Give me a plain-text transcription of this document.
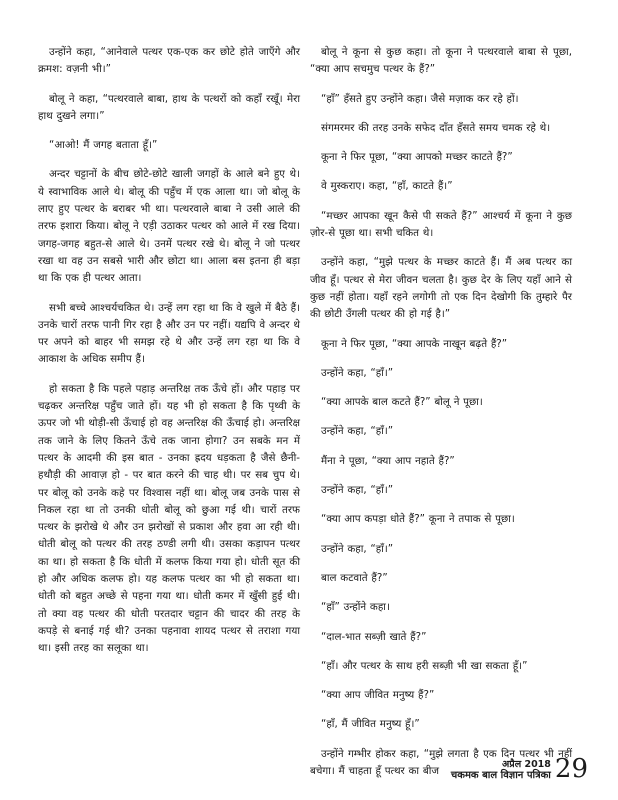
उन्होंने कहा, “आनेवाले पत्थर एक-एक कर छोटे होते जाएँगे और क्रमश: वज़नी भी।”

बोलू ने कहा, “पत्थरवाले बाबा, हाथ के पत्थरों को कहाँ रखूँ। मेरा हाथ दुखने लगा।”

“आओ! मैं जगह बताता हूँ।”

अन्दर चट्टानों के बीच छोटे-छोटे खाली जगहों के आले बने हुए थे। ये स्वाभाविक आले थे। बोलू की पहुँच में एक आला था। जो बोलू के लाए हुए पत्थर के बराबर भी था। पत्थरवाले बाबा ने उसी आले की तरफ इशारा किया। बोलू ने एड़ी उठाकर पत्थर को आले में रख दिया। जगह-जगह बहुत-से आले थे। उनमें पत्थर रखे थे। बोलू ने जो पत्थर रखा था वह उन सबसे भारी और छोटा था। आला बस इतना ही बड़ा था कि एक ही पत्थर आता।

सभी बच्चे आश्चर्यचकित थे। उन्हें लग रहा था कि वे खुले में बैठे हैं। उनके चारों तरफ पानी गिर रहा है और उन पर नहीं। यद्यपि वे अन्दर थे पर अपने को बाहर भी समझ रहे थे और उन्हें लग रहा था कि वे आकाश के अधिक समीप हैं।

हो सकता है कि पहले पहाड़ अन्तरिक्ष तक ऊँचे हों। और पहाड़ पर चढ़कर अन्तरिक्ष पहुँच जाते हों। यह भी हो सकता है कि पृथ्वी के ऊपर जो भी थोड़ी-सी ऊँचाई हो वह अन्तरिक्ष की ऊँचाई हो। अन्तरिक्ष तक जाने के लिए कितने ऊँचे तक जाना होगा? उन सबके मन में पत्थर के आदमी की इस बात - उनका ह्रदय धड़कता है जैसे छैनी-हथौड़ी की आवाज़ हो - पर बात करने की चाह थी। पर सब चुप थे। पर बोलू को उनके कहे पर विश्वास नहीं था। बोलू जब उनके पास से निकल रहा था तो उनकी धोती बोलू को छुआ गई थी। चारों तरफ पत्थर के झरोखे थे और उन झरोखों से प्रकाश और हवा आ रही थी। धोती बोलू को पत्थर की तरह ठण्डी लगी थी। उसका कड़ापन पत्थर का था। हो सकता है कि धोती में कलफ किया गया हो। धोती सूत की हो और अधिक कलफ हो। यह कलफ पत्थर का भी हो सकता था। धोती को बहुत अच्छे से पहना गया था। धोती कमर में खुँसी हुई थी। तो क्या वह पत्थर की धोती परतदार चट्टान की चादर की तरह के कपड़े से बनाई गई थी? उनका पहनावा शायद पत्थर से तराशा गया था। इसी तरह का सलूका था।

बोलू ने कूना से कुछ कहा। तो कूना ने पत्थरवाले बाबा से पूछा, “क्या आप सचमुच पत्थर के हैं?”

“हाँ” हँसते हुए उन्होंने कहा। जैसे मज़ाक कर रहे हों।

संगमरमर की तरह उनके सफेद दाँत हँसते समय चमक रहे थे।

कूना ने फिर पूछा, “क्या आपको मच्छर काटते हैं?”

वे मुस्कराए। कहा, “हाँ, काटते हैं।”

“मच्छर आपका खून कैसे पी सकते हैं?” आश्चर्य में कूना ने कुछ ज़ोर-से पूछा था। सभी चकित थे।

उन्होंने कहा, “मुझे पत्थर के मच्छर काटते हैं। मैं अब पत्थर का जीव हूँ। पत्थर से मेरा जीवन चलता है। कुछ देर के लिए यहाँ आने से कुछ नहीं होता। यहाँ रहने लगोगी तो एक दिन देखोगी कि तुम्हारे पैर की छोटी उँगली पत्थर की हो गई है।”

कूना ने फिर पूछा, “क्या आपके नाखून बढ़ते हैं?”

उन्होंने कहा, “हाँ।”

“क्या आपके बाल कटते हैं?” बोलू ने पूछा।

उन्होंने कहा, “हाँ।”

मैंना ने पूछा, “क्या आप नहाते हैं?”

उन्होंने कहा, “हाँ।”

“क्या आप कपड़ा धोते हैं?” कूना ने तपाक से पूछा।

उन्होंने कहा, “हाँ।”

बाल कटवाते हैं?”

“हाँ” उन्होंने कहा।

“दाल-भात सब्ज़ी खाते हैं?”

“हाँ। और पत्थर के साथ हरी सब्ज़ी भी खा सकता हूँ।”

“क्या आप जीवित मनुष्य हैं?”

“हाँ, मैं जीवित मनुष्य हूँ।”

उन्होंने गम्भीर होकर कहा, “मुझे लगता है एक दिन पत्थर भी नहीं बचेगा। मैं चाहता हूँ पत्थर का बीज

अप्रैल 2018
चकमक बाल विज्ञान पत्रिका 29
